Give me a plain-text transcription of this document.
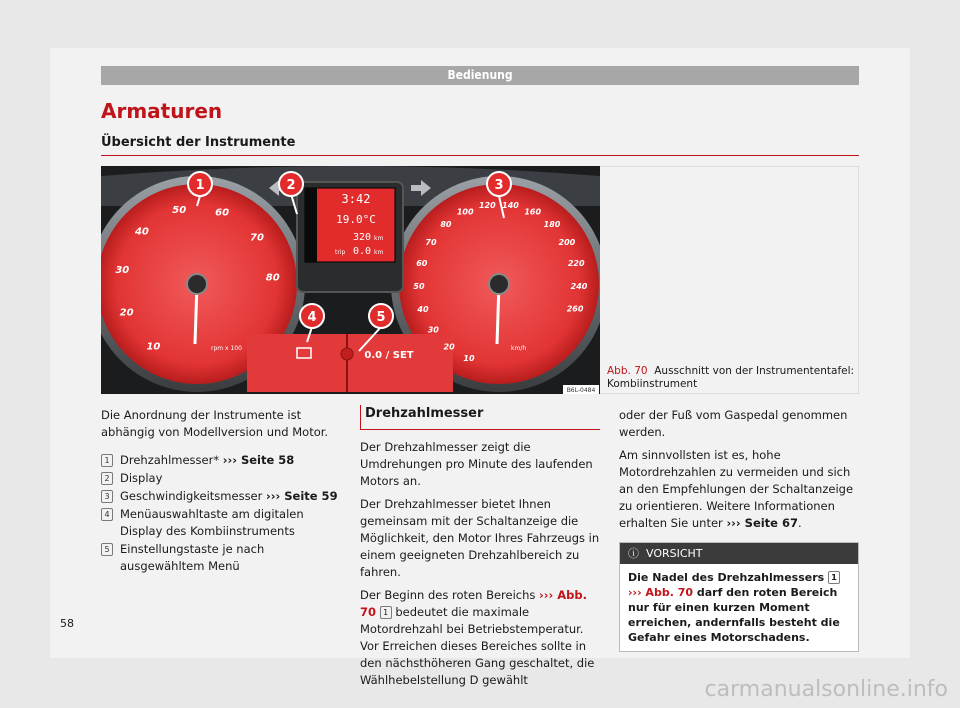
Bedienung
Armaturen
Übersicht der Instrumente
3:42
19.0°C
320 km
trip 0.0 km
0.0 / SET
10
20
30
40
50	60
70
80
10
20
30
40
50
60
70
80
100
120 140
160
180
200
220
240
260
rpm x 100	km/h
1	2	3
4	5
B6L-0484
Abb. 70 Ausschnitt von der Instrumententafel: Kombiinstrument
Die Anordnung der Instrumente ist abhängig von Modellversion und Motor.
1 Drehzahlmesser* ››› Seite 58
2 Display
3 Geschwindigkeitsmesser ››› Seite 59
4 Menüauswahltaste am digitalen Display des Kombiinstruments
5 Einstellungstaste je nach ausgewähltem Menü
Drehzahlmesser

Der Drehzahlmesser zeigt die Umdrehungen pro Minute des laufenden Motors an.

Der Drehzahlmesser bietet Ihnen gemeinsam mit der Schaltanzeige die Möglichkeit, den Motor Ihres Fahrzeugs in einem geeigneten Drehzahlbereich zu fahren.

Der Beginn des roten Bereichs ››› Abb. 70 1 bedeutet die maximale Motordrehzahl bei Betriebstemperatur. Vor Erreichen dieses Bereiches sollte in den nächsthöheren Gang geschaltet, die Wählhebelstellung D gewählt

oder der Fuß vom Gaspedal genommen werden.

Am sinnvollsten ist es, hohe Motordrehzahlen zu vermeiden und sich an den Empfehlungen der Schaltanzeige zu orientieren. Weitere Informationen erhalten Sie unter ››› Seite 67.

ⓘ VORSICHT
Die Nadel des Drehzahlmessers 1 ››› Abb. 70 darf den roten Bereich nur für einen kurzen Moment erreichen, andernfalls besteht die Gefahr eines Motorschadens.
58
carmanualsonline.info
